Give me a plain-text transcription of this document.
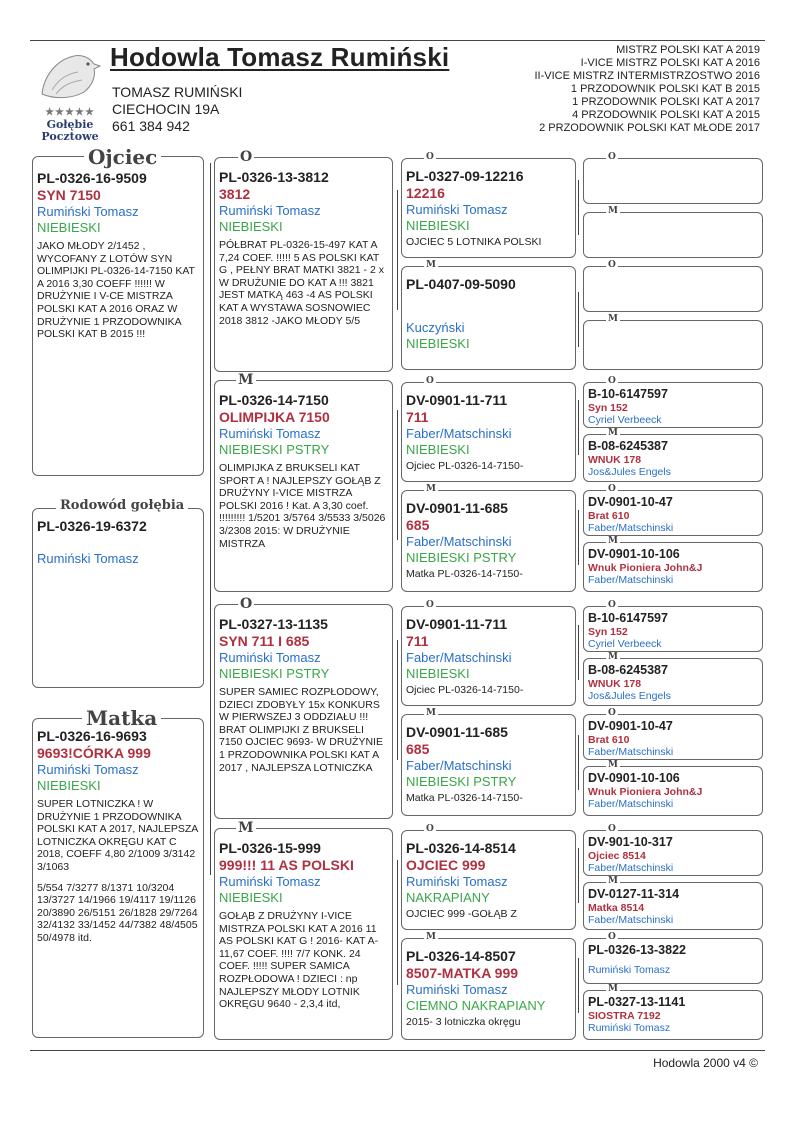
★★★★★
Gołębie
Pocztowe
Hodowla Tomasz Rumiński
TOMASZ RUMIŃSKI
CIECHOCIN 19A
661 384 942
MISTRZ POLSKI KAT A 2019
I-VICE MISTRZ POLSKI KAT A 2016
II-VICE MISTRZ INTERMISTRZOSTWO 2016
1 PRZODOWNIK POLSKI KAT B 2015
1 PRZODOWNIK POLSKI KAT A 2017
4 PRZODOWNIK POLSKI KAT A 2015
2 PRZODOWNIK POLSKI KAT MŁODE 2017
PL-0326-16-9509
SYN 7150
Rumiński Tomasz
NIEBIESKI
JAKO MŁODY 2/1452 , WYCOFANY Z LOTÓW SYN OLIMPIJKI PL-0326-14-7150 KAT A 2016 3,30 COEFF !!!!!! W DRUŻYNIE I V-CE MISTRZA POLSKI KAT A 2016 ORAZ W DRUŻYNIE 1 PRZODOWNIKA POLSKI KAT B 2015 !!!
Ojciec
PL-0326-19-6372
Rumiński Tomasz
Rodowód gołębia
PL-0326-16-9693
9693!CÓRKA 999
Rumiński Tomasz
NIEBIESKI
SUPER LOTNICZKA ! W DRUŻYNIE 1 PRZODOWNIKA POLSKI KAT A 2017, NAJLEPSZA LOTNICZKA OKRĘGU KAT C 2018, COEFF 4,80 2/1009 3/3142 3/1063
5/554 7/3277 8/1371 10/3204 13/3727 14/1966 19/4117 19/1126 20/3890 26/5151 26/1828 29/7264 32/4132 33/1452 44/7382 48/4505 50/4978 itd.
Matka
PL-0326-13-3812
3812
Rumiński Tomasz
NIEBIESKI
PÓŁBRAT PL-0326-15-497 KAT A 7,24 COEF. !!!!! 5 AS POLSKI KAT G , PEŁNY BRAT MATKI 3821 - 2 x W DRUŻUNIE DO KAT A !!! 3821 JEST MATKĄ 463 -4 AS POLSKI KAT A WYSTAWA SOSNOWIEC 2018 3812 -JAKO MŁODY 5/5
O
PL-0326-14-7150
OLIMPIJKA 7150
Rumiński Tomasz
NIEBIESKI PSTRY
OLIMPIJKA Z BRUKSELI KAT SPORT A ! NAJLEPSZY GOŁĄB Z DRUŻYNY I-VICE MISTRZA POLSKI 2016 ! Kat. A 3,30 coef. !!!!!!!!! 1/5201 3/5764 3/5533 3/5026 3/2308 2015: W DRUŻYNIE MISTRZA
M
PL-0327-13-1135
SYN 711 I 685
Rumiński Tomasz
NIEBIESKI PSTRY
SUPER SAMIEC ROZPŁODOWY, DZIECI ZDOBYŁY 15x KONKURS W PIERWSZEJ 3 ODDZIAŁU !!! BRAT OLIMPIJKI Z BRUKSELI 7150 OJCIEC 9693- W DRUŻYNIE 1 PRZODOWNIKA POLSKI KAT A 2017 , NAJLEPSZA LOTNICZKA
O
PL-0326-15-999
999!!! 11 AS POLSKI
Rumiński Tomasz
NIEBIESKI
GOŁĄB Z DRUŻYNY I-VICE MISTRZA POLSKI KAT A 2016 11 AS POLSKI KAT G ! 2016- KAT A-11,67 COEF. !!!! 7/7 KONK. 24 COEF. !!!!! SUPER SAMICA ROZPŁODOWA ! DZIECI : np NAJLEPSZY MŁODY LOTNIK OKRĘGU 9640 - 2,3,4 itd,
M
PL-0327-09-12216
12216
Rumiński Tomasz
NIEBIESKI
OJCIEC 5 LOTNIKA POLSKI
O
PL-0407-09-5090
Kuczyński
NIEBIESKI
M
DV-0901-11-711
711
Faber/Matschinski
NIEBIESKI
Ojciec PL-0326-14-7150-
O
DV-0901-11-685
685
Faber/Matschinski
NIEBIESKI PSTRY
Matka PL-0326-14-7150-
M
DV-0901-11-711
711
Faber/Matschinski
NIEBIESKI
Ojciec PL-0326-14-7150-
O
DV-0901-11-685
685
Faber/Matschinski
NIEBIESKI PSTRY
Matka PL-0326-14-7150-
M
PL-0326-14-8514
OJCIEC 999
Rumiński Tomasz
NAKRAPIANY
OJCIEC 999 -GOŁĄB Z
O
PL-0326-14-8507
8507-MATKA 999
Rumiński Tomasz
CIEMNO NAKRAPIANY
2015- 3 lotniczka okręgu
M
O
M
O
M
B-10-6147597
Syn 152
Cyriel Verbeeck
O
B-08-6245387
WNUK 178
Jos&Jules Engels
M
DV-0901-10-47
Brat 610
Faber/Matschinski
O
DV-0901-10-106
Wnuk Pioniera John&J
Faber/Matschinski
M
B-10-6147597
Syn 152
Cyriel Verbeeck
O
B-08-6245387
WNUK 178
Jos&Jules Engels
M
DV-0901-10-47
Brat 610
Faber/Matschinski
O
DV-0901-10-106
Wnuk Pioniera John&J
Faber/Matschinski
M
DV-901-10-317
Ojciec 8514
Faber/Matschinski
O
DV-0127-11-314
Matka 8514
Faber/Matschinski
M
PL-0326-13-3822
Rumiński Tomasz
O
PL-0327-13-1141
SIOSTRA 7192
Rumiński Tomasz
M
Hodowla 2000 v4 ©
